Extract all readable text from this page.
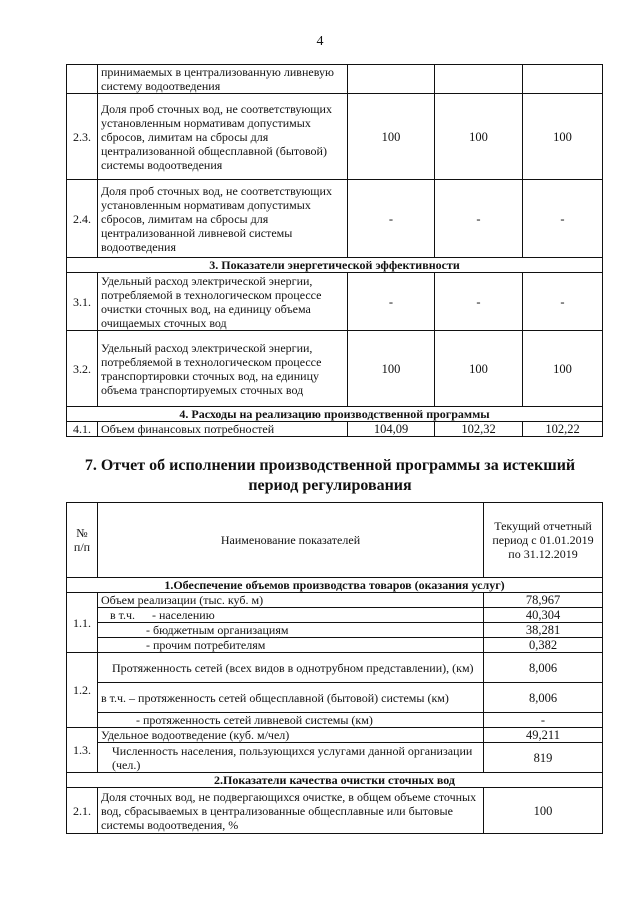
4
	принимаемых в централизованную ливневую систему водоотведения			
2.3.	Доля проб сточных вод, не соответствующих установленным нормативам допустимых сбросов, лимитам на сбросы для централизованной общесплавной (бытовой) системы водоотведения	100	100	100
2.4.	Доля проб сточных вод, не соответствующих установленным нормативам допустимых сбросов, лимитам на сбросы для централизованной ливневой системы водоотведения	-	-	-
3. Показатели энергетической эффективности				
3.1.	Удельный расход электрической энергии, потребляемой в технологическом процессе очистки сточных вод, на единицу объема очищаемых сточных вод	-	-	-
3.2.	Удельный расход электрической энергии, потребляемой в технологическом процессе транспортировки сточных вод, на единицу объема транспортируемых сточных вод	100	100	100
4. Расходы на реализацию производственной программы				
4.1.	Объем финансовых потребностей	104,09	102,32	102,22
7. Отчет об исполнении производственной программы за истекший период регулирования
№ п/п	Наименование показателей	Текущий отчетный период с 01.01.2019 по 31.12.2019
1.Обеспечение объемов производства товаров (оказания услуг)		
1.1.	Объем реализации (тыс. куб. м)	78,967
	в т.ч. - населению	40,304
	- бюджетным организациям	38,281
	- прочим потребителям	0,382
1.2.	Протяженность сетей (всех видов в однотрубном представлении), (км)	8,006
	в т.ч. – протяженность сетей общесплавной (бытовой) системы (км)	8,006
	- протяженность сетей ливневой системы (км)	-
1.3.	Удельное водоотведение (куб. м/чел)	49,211
	Численность населения, пользующихся услугами данной организации (чел.)	819
2.Показатели качества очистки сточных вод		
2.1.	Доля сточных вод, не подвергающихся очистке, в общем объеме сточных вод, сбрасываемых в централизованные общесплавные или бытовые системы водоотведения, %	100
